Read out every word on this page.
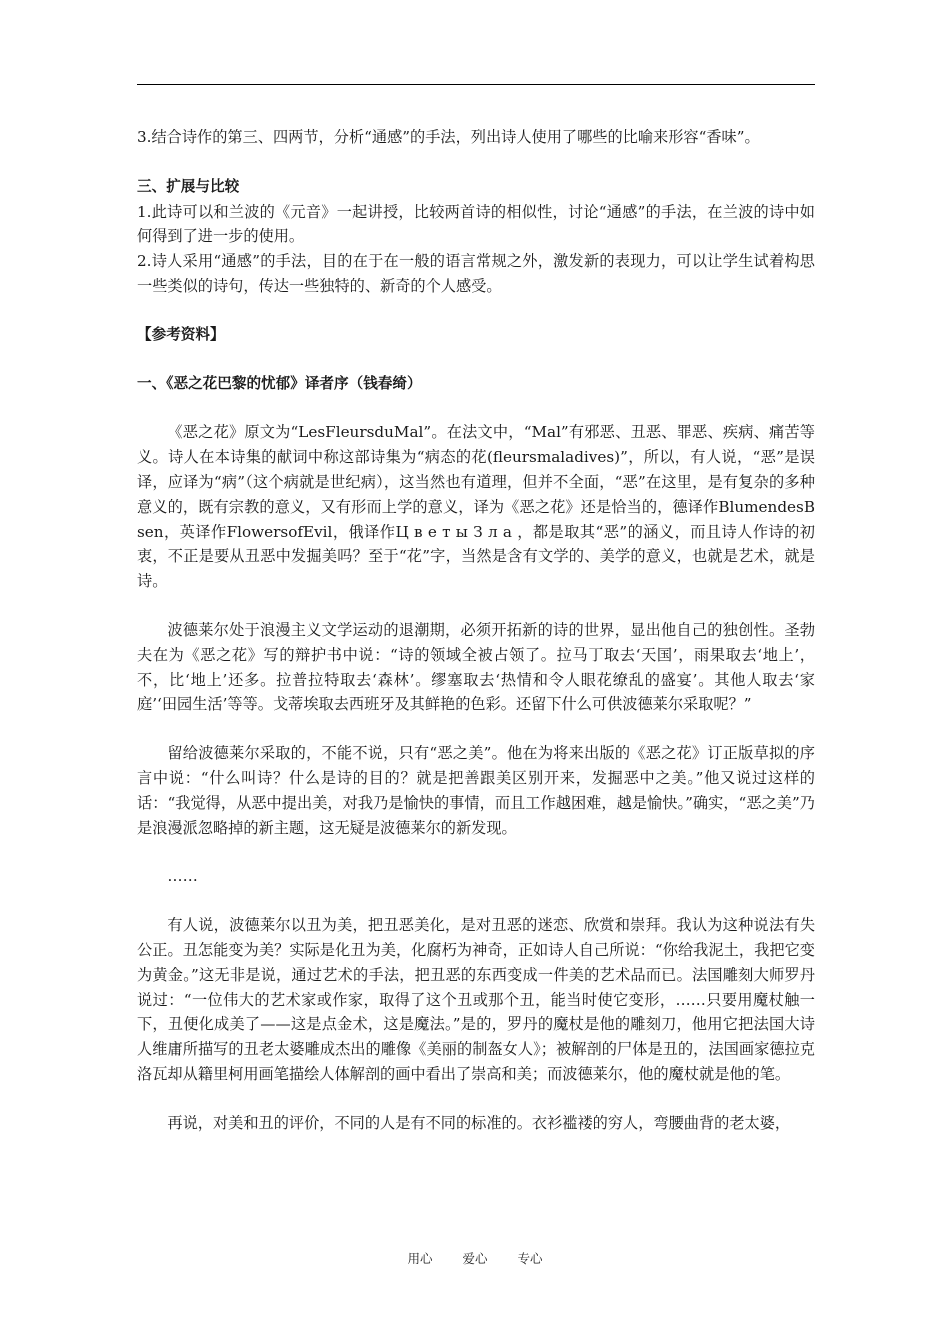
3.结合诗作的第三、四两节，分析“通感”的手法，列出诗人使用了哪些的比喻来形容“香味”。

三、扩展与比较

1.此诗可以和兰波的《元音》一起讲授，比较两首诗的相似性，讨论“通感”的手法，在兰波的诗中如何得到了进一步的使用。

2.诗人采用“通感”的手法，目的在于在一般的语言常规之外，激发新的表现力，可以让学生试着构思一些类似的诗句，传达一些独特的、新奇的个人感受。

【参考资料】

一、《恶之花巴黎的忧郁》译者序（钱春绮）

《恶之花》原文为“LesFleursduMal”。在法文中，“Mal”有邪恶、丑恶、罪恶、疾病、痛苦等义。诗人在本诗集的献词中称这部诗集为“病态的花(fleursmaladives)”，所以，有人说，“恶”是误译，应译为“病”（这个病就是世纪病），这当然也有道理，但并不全面，“恶”在这里，是有复杂的多种意义的，既有宗教的意义，又有形而上学的意义，译为《恶之花》还是恰当的，德译作BlumendesB　sen，英译作FlowersofEvil，俄译作Ц в е т ы З л а ，都是取其“恶”的涵义，而且诗人作诗的初衷，不正是要从丑恶中发掘美吗？至于“花”字，当然是含有文学的、美学的意义，也就是艺术，就是诗。

波德莱尔处于浪漫主义文学运动的退潮期，必须开拓新的诗的世界，显出他自己的独创性。圣勃夫在为《恶之花》写的辩护书中说：“诗的领域全被占领了。拉马丁取去‘天国’，雨果取去‘地上’，不，比‘地上’还多。拉普拉特取去‘森林’。缪塞取去‘热情和令人眼花缭乱的盛宴’。其他人取去‘家庭’‘田园生活’等等。戈蒂埃取去西班牙及其鲜艳的色彩。还留下什么可供波德莱尔采取呢？”

留给波德莱尔采取的，不能不说，只有“恶之美”。他在为将来出版的《恶之花》订正版草拟的序言中说：“什么叫诗？什么是诗的目的？就是把善跟美区别开来，发掘恶中之美。”他又说过这样的话：“我觉得，从恶中提出美，对我乃是愉快的事情，而且工作越困难，越是愉快。”确实，“恶之美”乃是浪漫派忽略掉的新主题，这无疑是波德莱尔的新发现。

……

有人说，波德莱尔以丑为美，把丑恶美化，是对丑恶的迷恋、欣赏和崇拜。我认为这种说法有失公正。丑怎能变为美？实际是化丑为美，化腐朽为神奇，正如诗人自己所说：“你给我泥土，我把它变为黄金。”这无非是说，通过艺术的手法，把丑恶的东西变成一件美的艺术品而已。法国雕刻大师罗丹说过：“一位伟大的艺术家或作家，取得了这个丑或那个丑，能当时使它变形，……只要用魔杖触一下，丑便化成美了——这是点金术，这是魔法。”是的，罗丹的魔杖是他的雕刻刀，他用它把法国大诗人维庸所描写的丑老太婆雕成杰出的雕像《美丽的制盔女人》；被解剖的尸体是丑的，法国画家德拉克洛瓦却从籍里柯用画笔描绘人体解剖的画中看出了崇高和美；而波德莱尔，他的魔杖就是他的笔。

再说，对美和丑的评价，不同的人是有不同的标准的。衣衫褴褛的穷人，弯腰曲背的老太婆，

用心 爱心 专心
